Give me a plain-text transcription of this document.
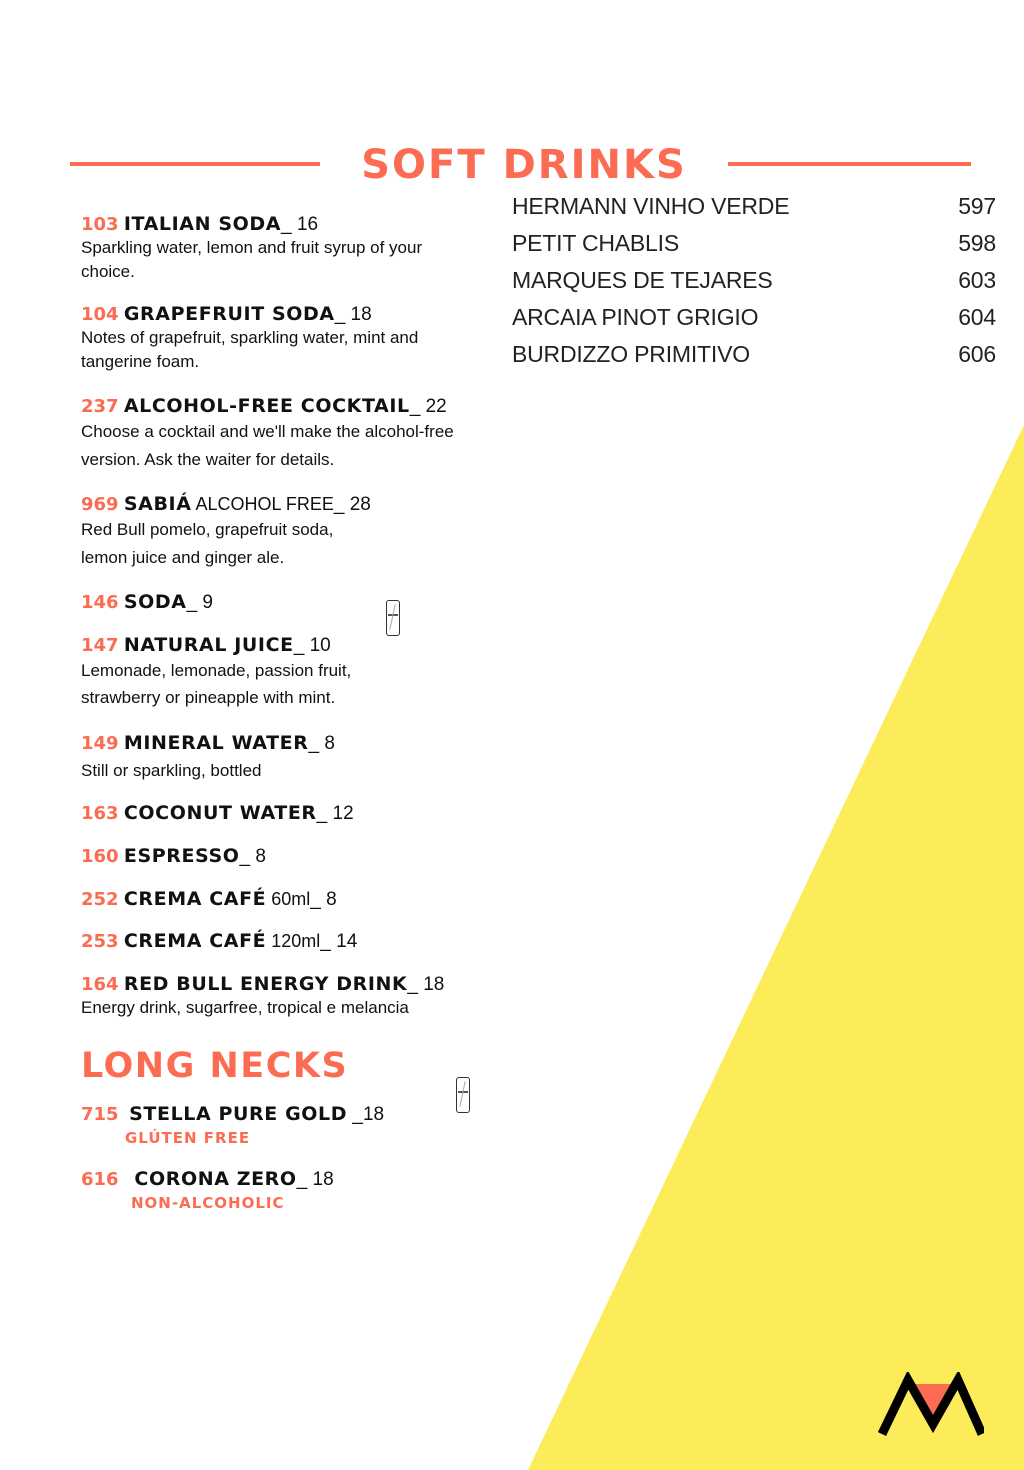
SOFT DRINKS
HERMANN VINHO VERDE	597
PETIT CHABLIS	598
MARQUES DE TEJARES	603
ARCAIA PINOT GRIGIO	604
BURDIZZO PRIMITIVO	606
103 ITALIAN SODA_ 16
Sparkling water, lemon and fruit syrup of your
choice.
104 GRAPEFRUIT SODA_ 18
Notes of grapefruit, sparkling water, mint and
tangerine foam.
237 ALCOHOL-FREE COCKTAIL_ 22
Choose a cocktail and we'll make the alcohol-free
version. Ask the waiter for details.
969 SABIÁ ALCOHOL FREE_ 28
Red Bull pomelo, grapefruit soda,
lemon juice and ginger ale.
146 SODA_ 9
147 NATURAL JUICE_ 10
Lemonade, lemonade, passion fruit,
strawberry or pineapple with mint.
149 MINERAL WATER_ 8
Still or sparkling, bottled
163 COCONUT WATER_ 12
160 ESPRESSO_ 8
252 CREMA CAFÉ 60ml_ 8
253 CREMA CAFÉ 120ml_ 14
164 RED BULL ENERGY DRINK_ 18
Energy drink, sugarfree, tropical e melancia
LONG NECKS
715 STELLA PURE GOLD _18
GLÚTEN FREE
616 CORONA ZERO_ 18
NON-ALCOHOLIC
